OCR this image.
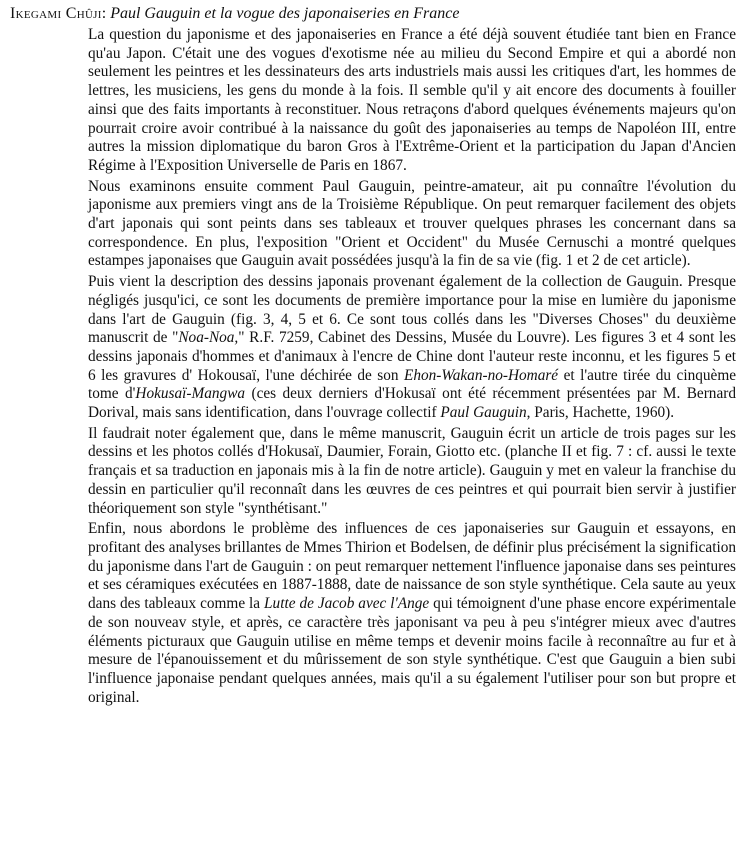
Ikegami Chûji: Paul Gauguin et la vogue des japonaiseries en France

La question du japonisme et des japonaiseries en France a été déjà souvent étudiée tant bien en France qu'au Japon. C'était une des vogues d'exotisme née au milieu du Second Empire et qui a abordé non seulement les peintres et les dessinateurs des arts industriels mais aussi les critiques d'art, les hommes de lettres, les musiciens, les gens du monde à la fois. Il semble qu'il y ait encore des documents à fouiller ainsi que des faits importants à reconstituer. Nous retraçons d'abord quelques événements majeurs qu'on pourrait croire avoir contribué à la naissance du goût des japonaiseries au temps de Napoléon III, entre autres la mission diplomatique du baron Gros à l'Extrême-Orient et la participation du Japan d'Ancien Régime à l'Exposition Universelle de Paris en 1867.

Nous examinons ensuite comment Paul Gauguin, peintre-amateur, ait pu connaître l'évolution du japonisme aux premiers vingt ans de la Troisième République. On peut remarquer facilement des objets d'art japonais qui sont peints dans ses tableaux et trouver quelques phrases les concernant dans sa correspondence. En plus, l'exposition "Orient et Occident" du Musée Cernuschi a montré quelques estampes japonaises que Gauguin avait possédées jusqu'à la fin de sa vie (fig. 1 et 2 de cet article).

Puis vient la description des dessins japonais provenant également de la collection de Gauguin. Presque négligés jusqu'ici, ce sont les documents de première importance pour la mise en lumière du japonisme dans l'art de Gauguin (fig. 3, 4, 5 et 6. Ce sont tous collés dans les "Diverses Choses" du deuxième manuscrit de "Noa-Noa," R.F. 7259, Cabinet des Dessins, Musée du Louvre). Les figures 3 et 4 sont les dessins japonais d'hommes et d'animaux à l'encre de Chine dont l'auteur reste inconnu, et les figures 5 et 6 les gravures d' Hokousaï, l'une déchirée de son Ehon-Wakan-no-Homaré et l'autre tirée du cinquème tome d'Hokusaï-Mangwa (ces deux derniers d'Hokusaï ont été récemment présentées par M. Bernard Dorival, mais sans identification, dans l'ouvrage collectif Paul Gauguin, Paris, Hachette, 1960).

Il faudrait noter également que, dans le même manuscrit, Gauguin écrit un article de trois pages sur les dessins et les photos collés d'Hokusaï, Daumier, Forain, Giotto etc. (planche II et fig. 7 : cf. aussi le texte français et sa traduction en japonais mis à la fin de notre article). Gauguin y met en valeur la franchise du dessin en particulier qu'il reconnaît dans les œuvres de ces peintres et qui pourrait bien servir à justifier théoriquement son style "synthétisant."

Enfin, nous abordons le problème des influences de ces japonaiseries sur Gauguin et essayons, en profitant des analyses brillantes de Mmes Thirion et Bodelsen, de définir plus précisément la signification du japonisme dans l'art de Gauguin : on peut remarquer nettement l'influence japonaise dans ses peintures et ses céramiques exécutées en 1887-1888, date de naissance de son style synthétique. Cela saute au yeux dans des tableaux comme la Lutte de Jacob avec l'Ange qui témoignent d'une phase encore expérimentale de son nouveav style, et après, ce caractère très japonisant va peu à peu s'intégrer mieux avec d'autres éléments picturaux que Gauguin utilise en même temps et devenir moins facile à reconnaître au fur et à mesure de l'épanouissement et du mûrissement de son style synthétique. C'est que Gauguin a bien subi l'influence japonaise pendant quelques années, mais qu'il a su également l'utiliser pour son but propre et original.
